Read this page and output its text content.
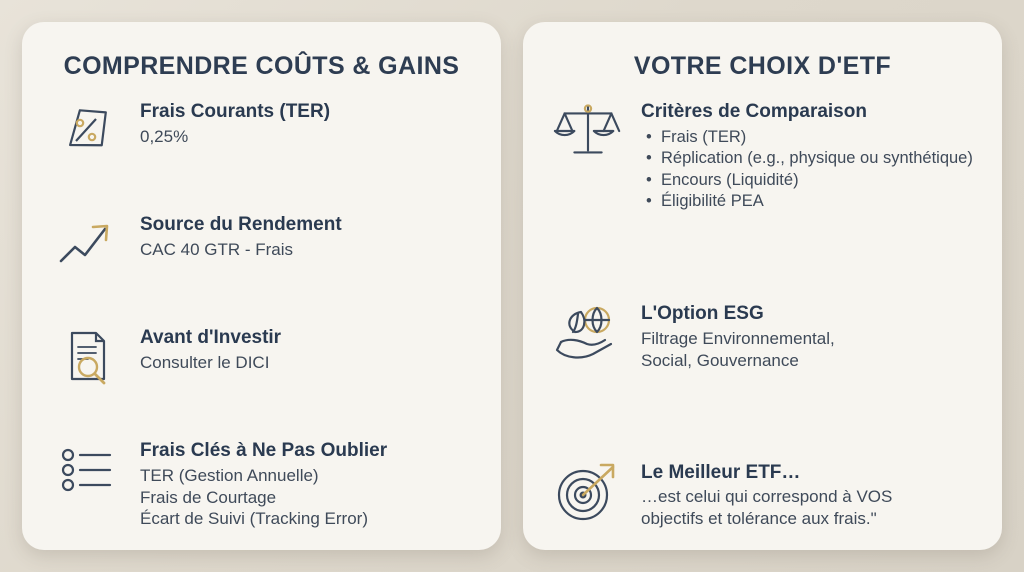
COMPRENDRE COÛTS & GAINS
Frais Courants (TER)
0,25%
Source du Rendement
CAC 40 GTR - Frais
Avant d'Investir
Consulter le DICI
Frais Clés à Ne Pas Oublier
TER (Gestion Annuelle)
Frais de Courtage
Écart de Suivi (Tracking Error)
VOTRE CHOIX D'ETF
Critères de Comparaison
• Frais (TER)
• Réplication (e.g., physique ou synthétique)
• Encours (Liquidité)
• Éligibilité PEA
L'Option ESG
Filtrage Environnemental,
Social, Gouvernance
Le Meilleur ETF…
…est celui qui correspond à VOS
objectifs et tolérance aux frais."
